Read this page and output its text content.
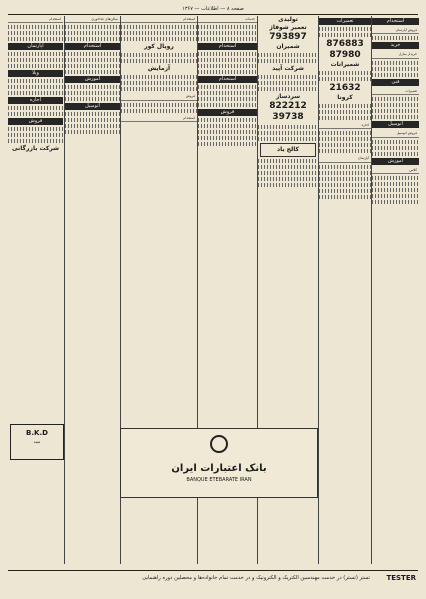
صفحه ۸ — اطلاعات — ۱۳۶۷
استخدام
فروش آپارتمان
خرید
خریدار منازل
فنی
تعمیرات
اتومبیل
فروش اتومبیل
آموزش
کلاس
تعمیرات
876883
87980
شمیرانات
21632
کرونا
اجاره
آپارتمان
تولیدی
تعمیر شوفاژ
793897
شمیران
شرکت آپید
سردساز
822212
39738
کالج یاد
خدمات
استخدام
استخدام
فروش
استخدام
رویال کور
آزمایش
فروش
استخدام
سالن‌های غذاخوری
استخدام
آموزش
اتومبیل
استخدام
آپارتمان
ویلا
اجاره
فروش
شرکت بازرگانی
B.K.D
سید
بانک اعتبارات ایران
BANQUE ETEBARATE IRAN
تستر (تستر) در خدمت مهندسین الکتریک و الکترونیک و در خدمت تمام خانواده‌ها و محصلین دوره راهنمایی TESTER
